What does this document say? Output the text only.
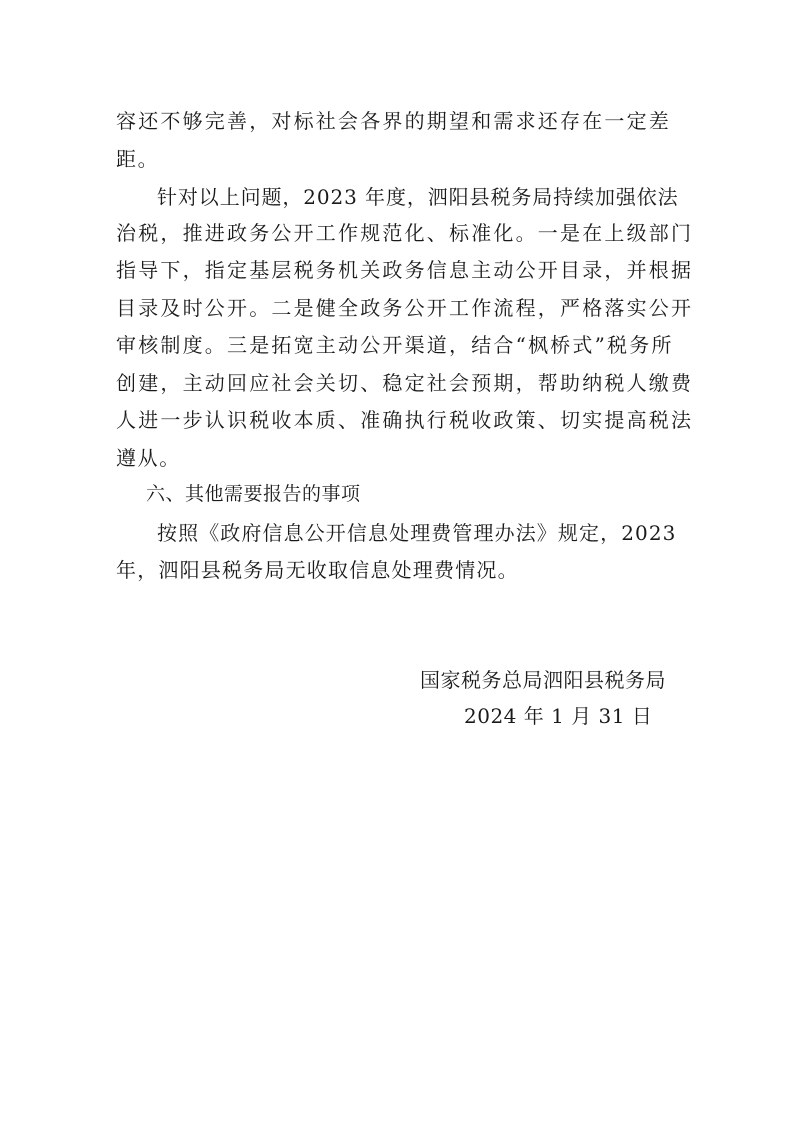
容还不够完善，对标社会各界的期望和需求还存在一定差
距。
针对以上问题，2023 年度，泗阳县税务局持续加强依法
治税，推进政务公开工作规范化、标准化。一是在上级部门
指导下，指定基层税务机关政务信息主动公开目录，并根据
目录及时公开。二是健全政务公开工作流程，严格落实公开
审核制度。三是拓宽主动公开渠道，结合“枫桥式”税务所
创建，主动回应社会关切、稳定社会预期，帮助纳税人缴费
人进一步认识税收本质、准确执行税收政策、切实提高税法
遵从。
六、其他需要报告的事项
按照《政府信息公开信息处理费管理办法》规定，2023
年，泗阳县税务局无收取信息处理费情况。
国家税务总局泗阳县税务局
2024 年 1 月 31 日
